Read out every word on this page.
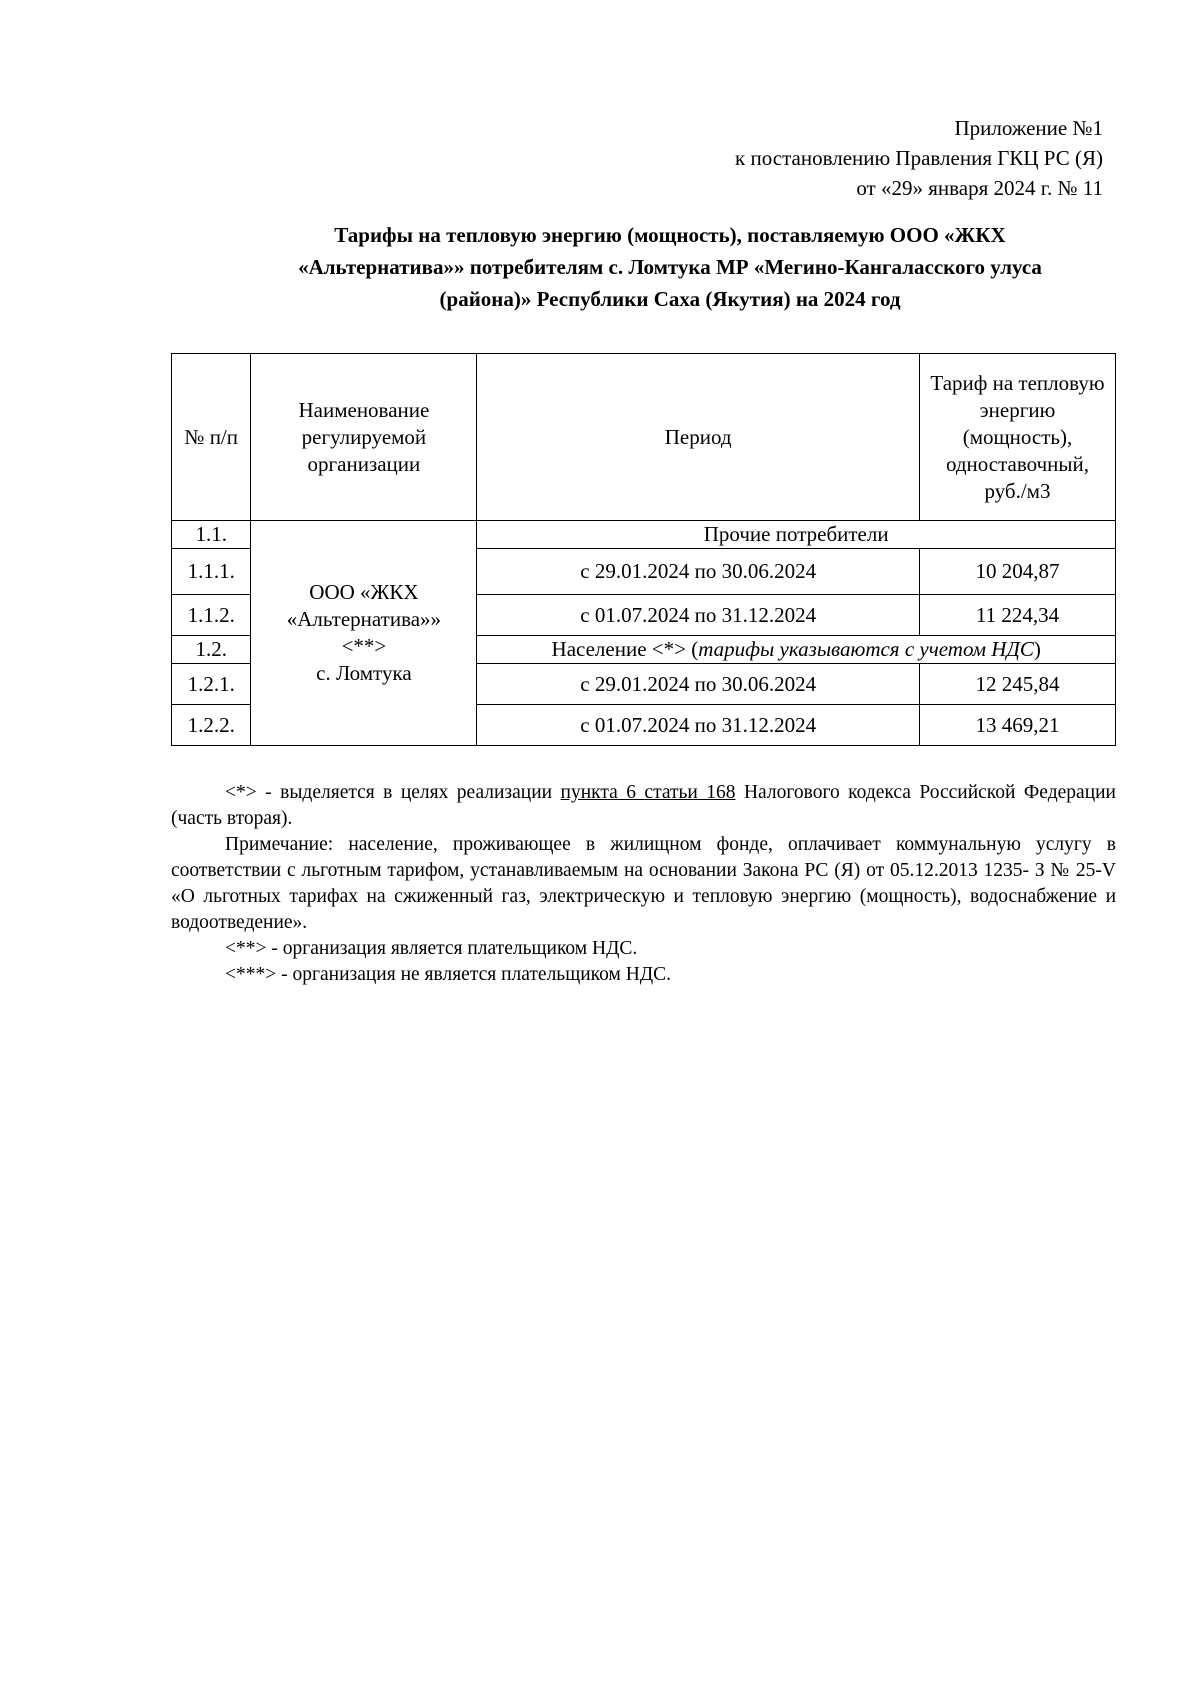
Приложение №1
к постановлению Правления ГКЦ РС (Я)
от «29» января 2024 г. № 11
Тарифы на тепловую энергию (мощность), поставляемую ООО «ЖКХ
«Альтернатива»» потребителям с. Ломтука МР «Мегино-Кангаласского улуса
(района)» Республики Саха (Якутия) на 2024 год
№ п/п	Наименование регулируемой организации	Период	Тариф на тепловую энергию (мощность), одноставочный, руб./м3
1.1.	ООО «ЖКХ
«Альтернатива»»
<**>
с. Ломтука	Прочие потребители	
1.1.1.		с 29.01.2024 по 30.06.2024	10 204,87
1.1.2.		с 01.07.2024 по 31.12.2024	11 224,34
1.2.		Население <*> (тарифы указываются с учетом НДС)	
1.2.1.		с 29.01.2024 по 30.06.2024	12 245,84
1.2.2.		с 01.07.2024 по 31.12.2024	13 469,21

<*> - выделяется в целях реализации пункта 6 статьи 168 Налогового кодекса Российской Федерации (часть вторая).

Примечание: население, проживающее в жилищном фонде, оплачивает коммунальную услугу в соответствии с льготным тарифом, устанавливаемым на основании Закона РС (Я) от 05.12.2013 1235- З № 25-V «О льготных тарифах на сжиженный газ, электрическую и тепловую энергию (мощность), водоснабжение и водоотведение».

<**> - организация является плательщиком НДС.

<***> - организация не является плательщиком НДС.
